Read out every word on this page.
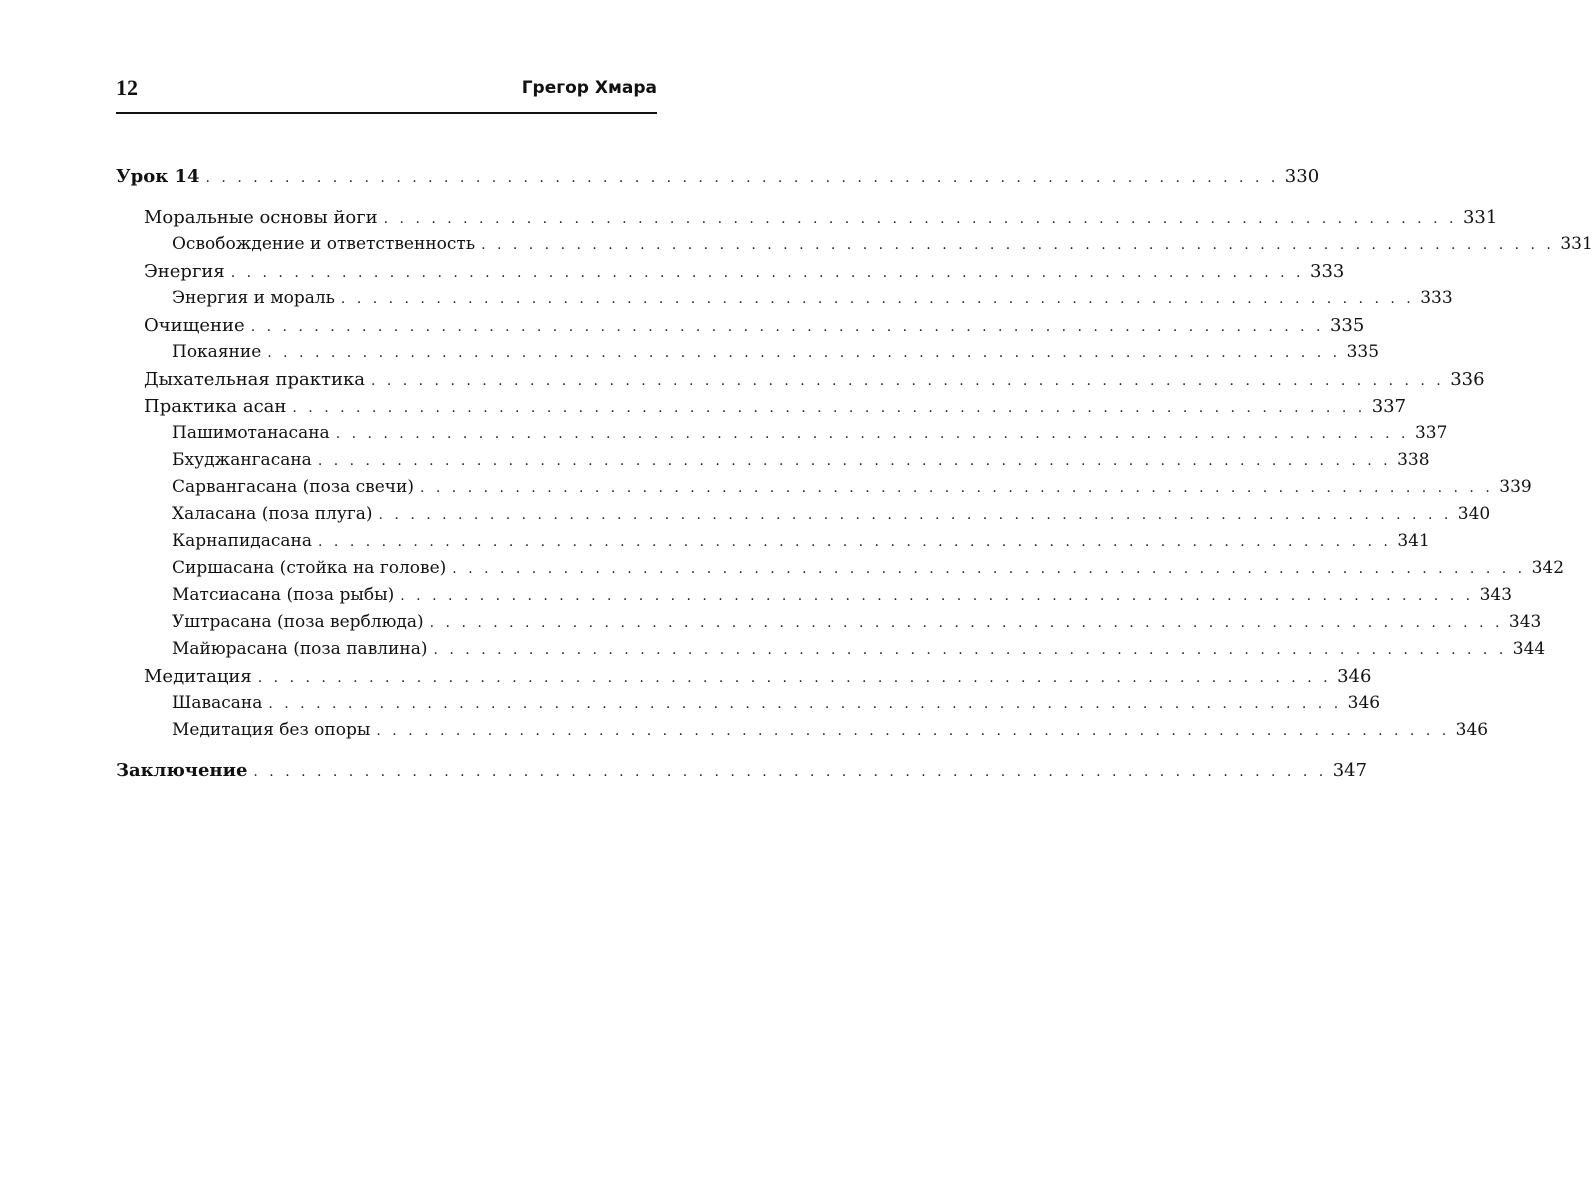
12	Грегор Хмара
Урок 14 . . . . . . . . . . . . . . . . . . . . . . . . . . . . . . . . . . . . . . . . . . . . . . . . . . . . . . . . . . . . . . . . . . . . 330
Моральные основы йоги . . . . . . . . . . . . . . . . . . . . . . . . . . . . . . . . . . . . . . . . . . . . . . . . . . . . . . . . . . . . . . . . . . . . 331
Освобождение и ответственность . . . . . . . . . . . . . . . . . . . . . . . . . . . . . . . . . . . . . . . . . . . . . . . . . . . . . . . . . . . . . . . . . . . . 331
Энергия . . . . . . . . . . . . . . . . . . . . . . . . . . . . . . . . . . . . . . . . . . . . . . . . . . . . . . . . . . . . . . . . . . . . 333
Энергия и мораль . . . . . . . . . . . . . . . . . . . . . . . . . . . . . . . . . . . . . . . . . . . . . . . . . . . . . . . . . . . . . . . . . . . . 333
Очищение . . . . . . . . . . . . . . . . . . . . . . . . . . . . . . . . . . . . . . . . . . . . . . . . . . . . . . . . . . . . . . . . . . . . 335
Покаяние . . . . . . . . . . . . . . . . . . . . . . . . . . . . . . . . . . . . . . . . . . . . . . . . . . . . . . . . . . . . . . . . . . . . 335
Дыхательная практика . . . . . . . . . . . . . . . . . . . . . . . . . . . . . . . . . . . . . . . . . . . . . . . . . . . . . . . . . . . . . . . . . . . . 336
Практика асан . . . . . . . . . . . . . . . . . . . . . . . . . . . . . . . . . . . . . . . . . . . . . . . . . . . . . . . . . . . . . . . . . . . . 337
Пашимотанасана . . . . . . . . . . . . . . . . . . . . . . . . . . . . . . . . . . . . . . . . . . . . . . . . . . . . . . . . . . . . . . . . . . . . 337
Бхуджангасана . . . . . . . . . . . . . . . . . . . . . . . . . . . . . . . . . . . . . . . . . . . . . . . . . . . . . . . . . . . . . . . . . . . . 338
Сарвангасана (поза свечи) . . . . . . . . . . . . . . . . . . . . . . . . . . . . . . . . . . . . . . . . . . . . . . . . . . . . . . . . . . . . . . . . . . . . 339
Халасана (поза плуга) . . . . . . . . . . . . . . . . . . . . . . . . . . . . . . . . . . . . . . . . . . . . . . . . . . . . . . . . . . . . . . . . . . . . 340
Карнапидасана . . . . . . . . . . . . . . . . . . . . . . . . . . . . . . . . . . . . . . . . . . . . . . . . . . . . . . . . . . . . . . . . . . . . 341
Сиршасана (стойка на голове) . . . . . . . . . . . . . . . . . . . . . . . . . . . . . . . . . . . . . . . . . . . . . . . . . . . . . . . . . . . . . . . . . . . . 342
Матсиасана (поза рыбы) . . . . . . . . . . . . . . . . . . . . . . . . . . . . . . . . . . . . . . . . . . . . . . . . . . . . . . . . . . . . . . . . . . . . 343
Уштрасана (поза верблюда) . . . . . . . . . . . . . . . . . . . . . . . . . . . . . . . . . . . . . . . . . . . . . . . . . . . . . . . . . . . . . . . . . . . . 343
Майюрасана (поза павлина) . . . . . . . . . . . . . . . . . . . . . . . . . . . . . . . . . . . . . . . . . . . . . . . . . . . . . . . . . . . . . . . . . . . . 344
Медитация . . . . . . . . . . . . . . . . . . . . . . . . . . . . . . . . . . . . . . . . . . . . . . . . . . . . . . . . . . . . . . . . . . . . 346
Шавасана . . . . . . . . . . . . . . . . . . . . . . . . . . . . . . . . . . . . . . . . . . . . . . . . . . . . . . . . . . . . . . . . . . . . 346
Медитация без опоры . . . . . . . . . . . . . . . . . . . . . . . . . . . . . . . . . . . . . . . . . . . . . . . . . . . . . . . . . . . . . . . . . . . . 346
Заключение . . . . . . . . . . . . . . . . . . . . . . . . . . . . . . . . . . . . . . . . . . . . . . . . . . . . . . . . . . . . . . . . . . . . 347
